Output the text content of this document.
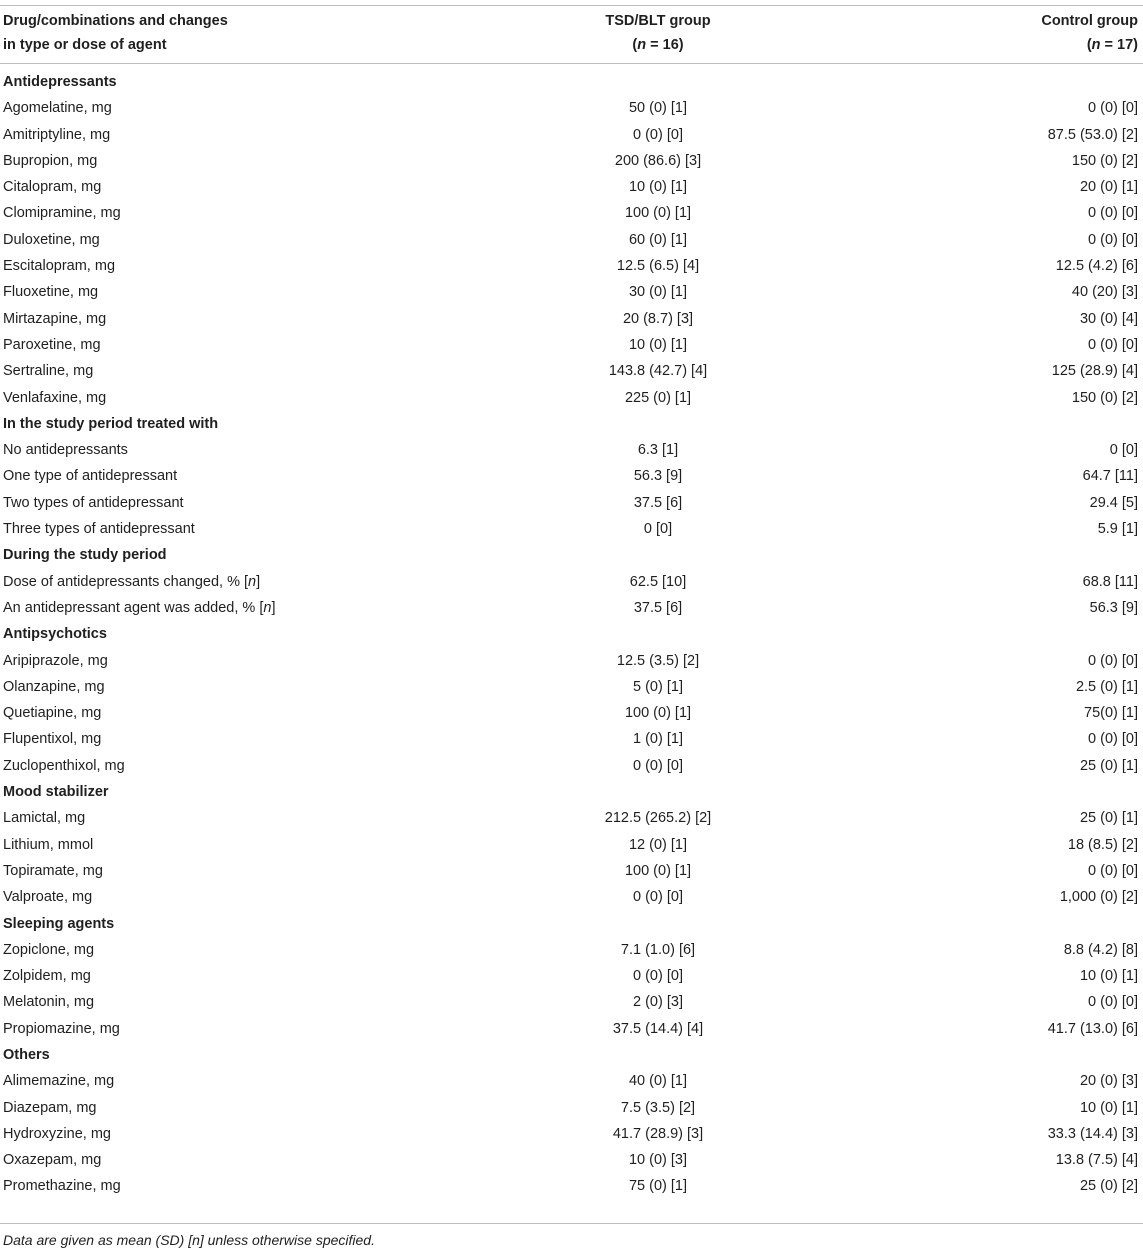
Drug/combinations and changes	TSD/BLT group	Control group
in type or dose of agent	(n = 16)	(n = 17)
Antidepressants		
Agomelatine, mg	50 (0) [1]	0 (0) [0]
Amitriptyline, mg	0 (0) [0]	87.5 (53.0) [2]
Bupropion, mg	200 (86.6) [3]	150 (0) [2]
Citalopram, mg	10 (0) [1]	20 (0) [1]
Clomipramine, mg	100 (0) [1]	0 (0) [0]
Duloxetine, mg	60 (0) [1]	0 (0) [0]
Escitalopram, mg	12.5 (6.5) [4]	12.5 (4.2) [6]
Fluoxetine, mg	30 (0) [1]	40 (20) [3]
Mirtazapine, mg	20 (8.7) [3]	30 (0) [4]
Paroxetine, mg	10 (0) [1]	0 (0) [0]
Sertraline, mg	143.8 (42.7) [4]	125 (28.9) [4]
Venlafaxine, mg	225 (0) [1]	150 (0) [2]
In the study period treated with		
No antidepressants	6.3 [1]	0 [0]
One type of antidepressant	56.3 [9]	64.7 [11]
Two types of antidepressant	37.5 [6]	29.4 [5]
Three types of antidepressant	0 [0]	5.9 [1]
During the study period		
Dose of antidepressants changed, % [n]	62.5 [10]	68.8 [11]
An antidepressant agent was added, % [n]	37.5 [6]	56.3 [9]
Antipsychotics		
Aripiprazole, mg	12.5 (3.5) [2]	0 (0) [0]
Olanzapine, mg	5 (0) [1]	2.5 (0) [1]
Quetiapine, mg	100 (0) [1]	75(0) [1]
Flupentixol, mg	1 (0) [1]	0 (0) [0]
Zuclopenthixol, mg	0 (0) [0]	25 (0) [1]
Mood stabilizer		
Lamictal, mg	212.5 (265.2) [2]	25 (0) [1]
Lithium, mmol	12 (0) [1]	18 (8.5) [2]
Topiramate, mg	100 (0) [1]	0 (0) [0]
Valproate, mg	0 (0) [0]	1,000 (0) [2]
Sleeping agents		
Zopiclone, mg	7.1 (1.0) [6]	8.8 (4.2) [8]
Zolpidem, mg	0 (0) [0]	10 (0) [1]
Melatonin, mg	2 (0) [3]	0 (0) [0]
Propiomazine, mg	37.5 (14.4) [4]	41.7 (13.0) [6]
Others		
Alimemazine, mg	40 (0) [1]	20 (0) [3]
Diazepam, mg	7.5 (3.5) [2]	10 (0) [1]
Hydroxyzine, mg	41.7 (28.9) [3]	33.3 (14.4) [3]
Oxazepam, mg	10 (0) [3]	13.8 (7.5) [4]
Promethazine, mg	75 (0) [1]	25 (0) [2]
Data are given as mean (SD) [n] unless otherwise specified.
